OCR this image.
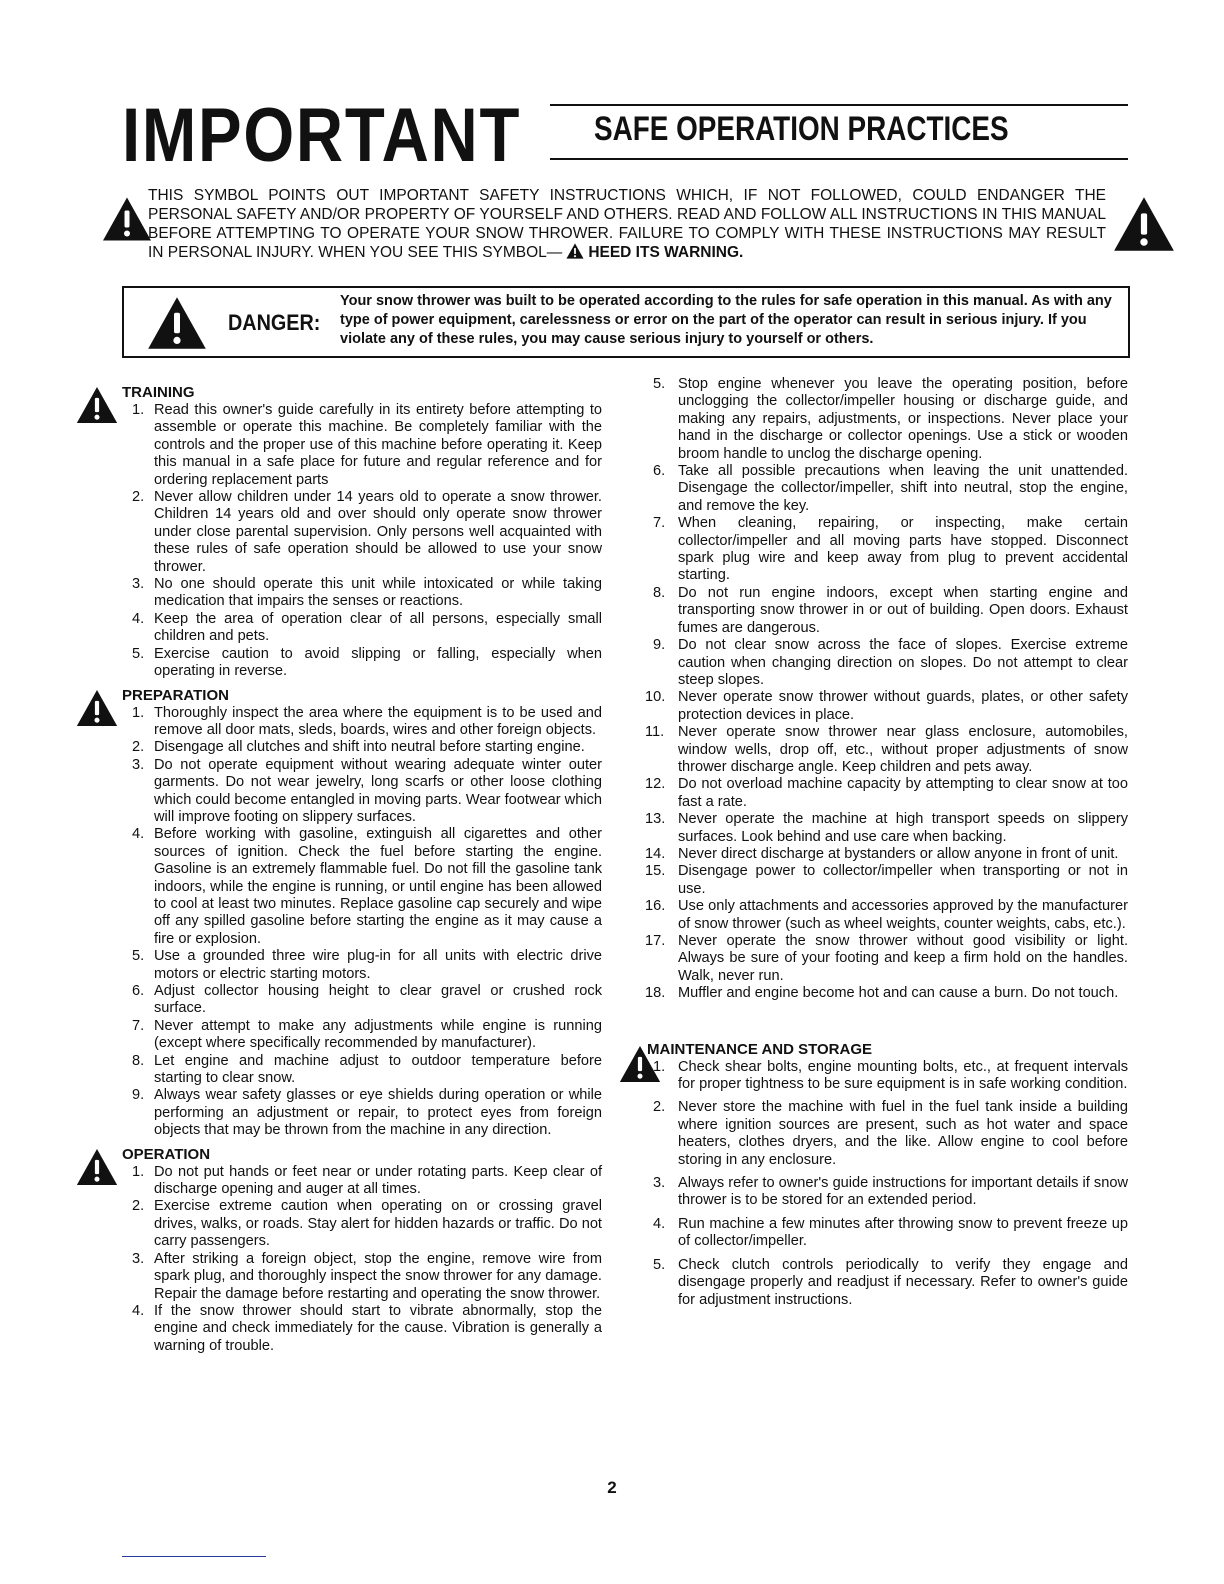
IMPORTANT SAFE OPERATION PRACTICES

THIS SYMBOL POINTS OUT IMPORTANT SAFETY INSTRUCTIONS WHICH, IF NOT FOLLOWED, COULD ENDANGER THE PERSONAL SAFETY AND/OR PROPERTY OF YOURSELF AND OTHERS. READ AND FOLLOW ALL INSTRUCTIONS IN THIS MANUAL BEFORE ATTEMPTING TO OPERATE YOUR SNOW THROWER. FAILURE TO COMPLY WITH THESE INSTRUCTIONS MAY RESULT IN PERSONAL INJURY. WHEN YOU SEE THIS SYMBOL— HEED ITS WARNING.

DANGER:

Your snow thrower was built to be operated according to the rules for safe operation in this manual. As with any type of power equipment, carelessness or error on the part of the operator can result in serious injury. If you violate any of these rules, you may cause serious injury to yourself or others.

TRAINING
1. Read this owner's guide carefully in its entirety before attempting to assemble or operate this machine. Be completely familiar with the controls and the proper use of this machine before operating it. Keep this manual in a safe place for future and regular reference and for ordering replacement parts
2. Never allow children under 14 years old to operate a snow thrower. Children 14 years old and over should only operate snow thrower under close parental supervision. Only persons well acquainted with these rules of safe operation should be allowed to use your snow thrower.
3. No one should operate this unit while intoxicated or while taking medication that impairs the senses or reactions.
4. Keep the area of operation clear of all persons, especially small children and pets.
5. Exercise caution to avoid slipping or falling, especially when operating in reverse.
PREPARATION
1. Thoroughly inspect the area where the equipment is to be used and remove all door mats, sleds, boards, wires and other foreign objects.
2. Disengage all clutches and shift into neutral before starting engine.
3. Do not operate equipment without wearing adequate winter outer garments. Do not wear jewelry, long scarfs or other loose clothing which could become entangled in moving parts. Wear footwear which will improve footing on slippery surfaces.
4. Before working with gasoline, extinguish all cigarettes and other sources of ignition. Check the fuel before starting the engine. Gasoline is an extremely flammable fuel. Do not fill the gasoline tank indoors, while the engine is running, or until engine has been allowed to cool at least two minutes. Replace gasoline cap securely and wipe off any spilled gasoline before starting the engine as it may cause a fire or explosion.
5. Use a grounded three wire plug-in for all units with electric drive motors or electric starting motors.
6. Adjust collector housing height to clear gravel or crushed rock surface.
7. Never attempt to make any adjustments while engine is running (except where specifically recommended by manufacturer).
8. Let engine and machine adjust to outdoor temperature before starting to clear snow.
9. Always wear safety glasses or eye shields during operation or while performing an adjustment or repair, to protect eyes from foreign objects that may be thrown from the machine in any direction.
OPERATION
1. Do not put hands or feet near or under rotating parts. Keep clear of discharge opening and auger at all times.
2. Exercise extreme caution when operating on or crossing gravel drives, walks, or roads. Stay alert for hidden hazards or traffic. Do not carry passengers.
3. After striking a foreign object, stop the engine, remove wire from spark plug, and thoroughly inspect the snow thrower for any damage. Repair the damage before restarting and operating the snow thrower.
4. If the snow thrower should start to vibrate abnormally, stop the engine and check immediately for the cause. Vibration is generally a warning of trouble.
5. Stop engine whenever you leave the operating position, before unclogging the collector/impeller housing or discharge guide, and making any repairs, adjustments, or inspections. Never place your hand in the discharge or collector openings. Use a stick or wooden broom handle to unclog the discharge opening.
6. Take all possible precautions when leaving the unit unattended. Disengage the collector/impeller, shift into neutral, stop the engine, and remove the key.
7. When cleaning, repairing, or inspecting, make certain collector/impeller and all moving parts have stopped. Disconnect spark plug wire and keep away from plug to prevent accidental starting.
8. Do not run engine indoors, except when starting engine and transporting snow thrower in or out of building. Open doors. Exhaust fumes are dangerous.
9. Do not clear snow across the face of slopes. Exercise extreme caution when changing direction on slopes. Do not attempt to clear steep slopes.
10. Never operate snow thrower without guards, plates, or other safety protection devices in place.
11. Never operate snow thrower near glass enclosure, automobiles, window wells, drop off, etc., without proper adjustments of snow thrower discharge angle. Keep children and pets away.
12. Do not overload machine capacity by attempting to clear snow at too fast a rate.
13. Never operate the machine at high transport speeds on slippery surfaces. Look behind and use care when backing.
14. Never direct discharge at bystanders or allow anyone in front of unit.
15. Disengage power to collector/impeller when transporting or not in use.
16. Use only attachments and accessories approved by the manufacturer of snow thrower (such as wheel weights, counter weights, cabs, etc.).
17. Never operate the snow thrower without good visibility or light. Always be sure of your footing and keep a firm hold on the handles. Walk, never run.
18. Muffler and engine become hot and can cause a burn. Do not touch.
MAINTENANCE AND STORAGE
1. Check shear bolts, engine mounting bolts, etc., at frequent intervals for proper tightness to be sure equipment is in safe working condition.
2. Never store the machine with fuel in the fuel tank inside a building where ignition sources are present, such as hot water and space heaters, clothes dryers, and the like. Allow engine to cool before storing in any enclosure.
3. Always refer to owner's guide instructions for important details if snow thrower is to be stored for an extended period.
4. Run machine a few minutes after throwing snow to prevent freeze up of collector/impeller.
5. Check clutch controls periodically to verify they engage and disengage properly and readjust if necessary. Refer to owner's guide for adjustment instructions.
2
